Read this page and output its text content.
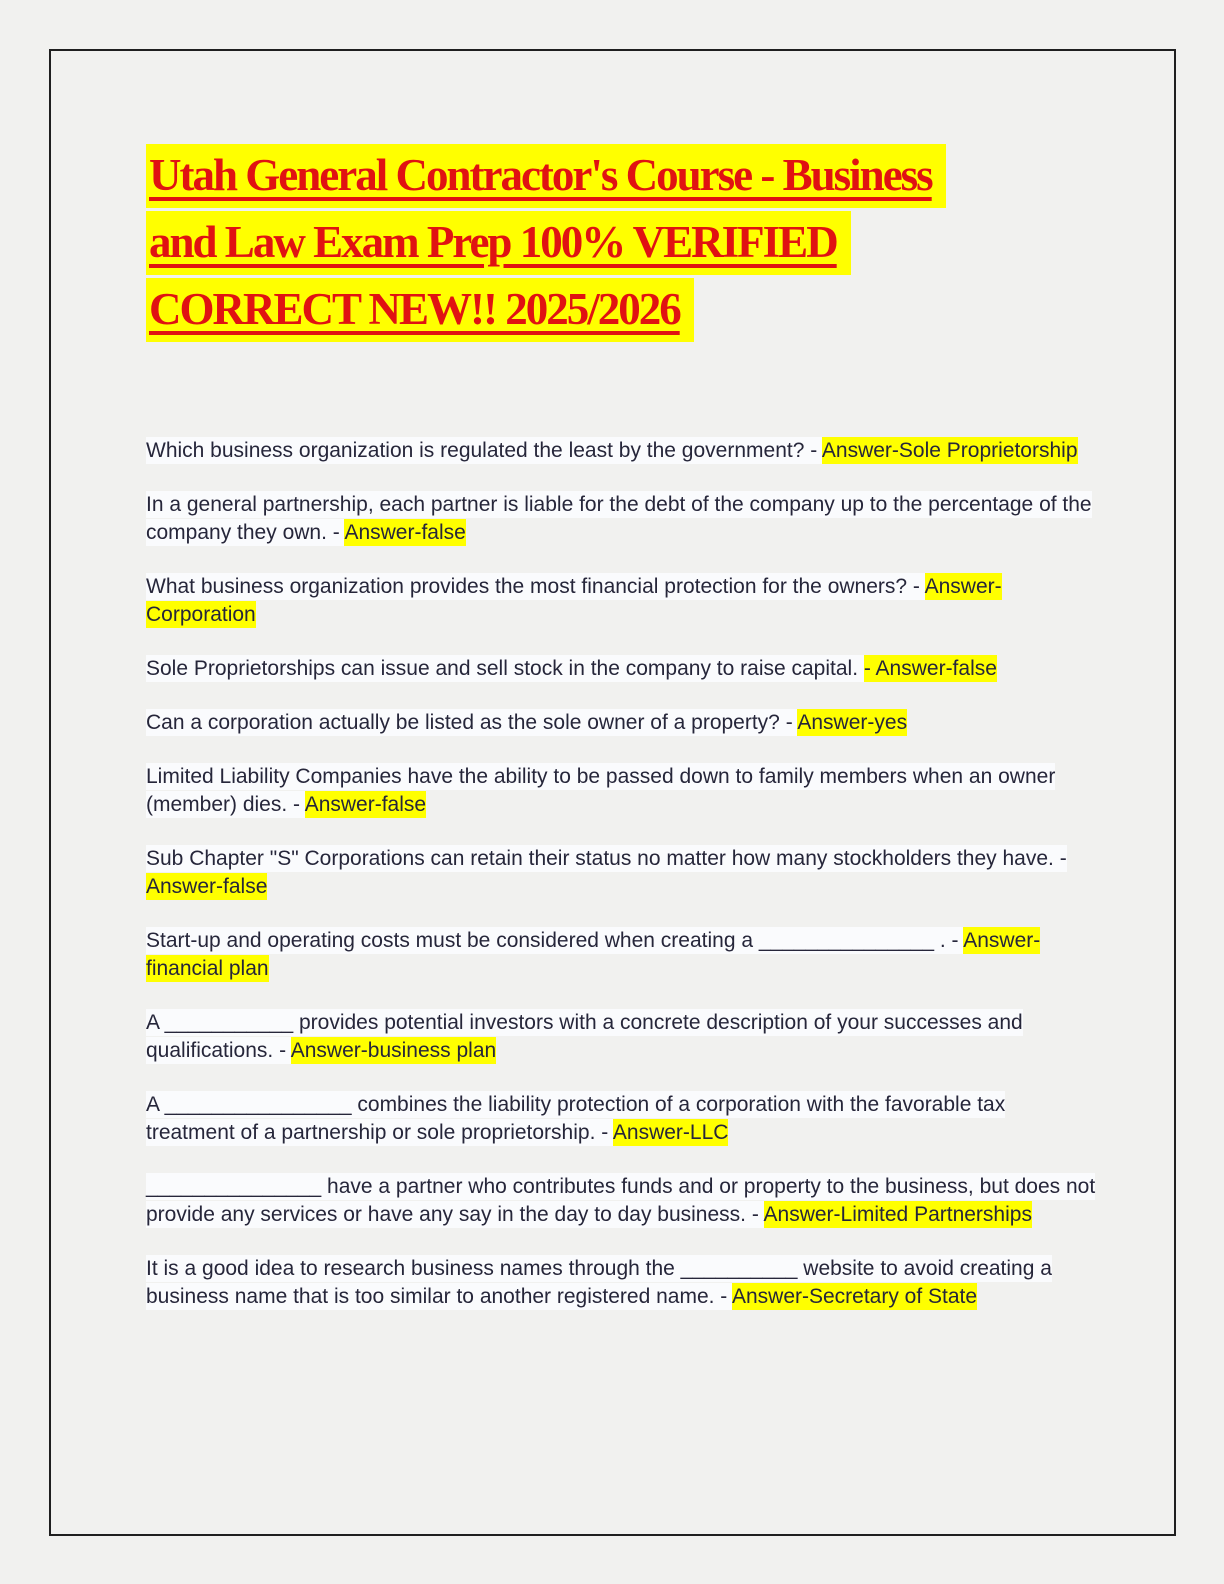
Utah General Contractor's Course - Business
and Law Exam Prep 100% VERIFIED
CORRECT NEW!! 2025/2026

Which business organization is regulated the least by the government? - Answer-Sole Proprietorship

In a general partnership, each partner is liable for the debt of the company up to the percentage of the company they own. - Answer-false

What business organization provides the most financial protection for the owners? - Answer-Corporation

Sole Proprietorships can issue and sell stock in the company to raise capital. - Answer-false

Can a corporation actually be listed as the sole owner of a property? - Answer-yes

Limited Liability Companies have the ability to be passed down to family members when an owner (member) dies. - Answer-false

Sub Chapter "S" Corporations can retain their status no matter how many stockholders they have. - Answer-false

Start-up and operating costs must be considered when creating a _______________ . - Answer-financial plan

A ___________ provides potential investors with a concrete description of your successes and qualifications. - Answer-business plan

A ________________ combines the liability protection of a corporation with the favorable tax treatment of a partnership or sole proprietorship. - Answer-LLC

_______________ have a partner who contributes funds and or property to the business, but does not provide any services or have any say in the day to day business. - Answer-Limited Partnerships

It is a good idea to research business names through the __________ website to avoid creating a business name that is too similar to another registered name. - Answer-Secretary of State
